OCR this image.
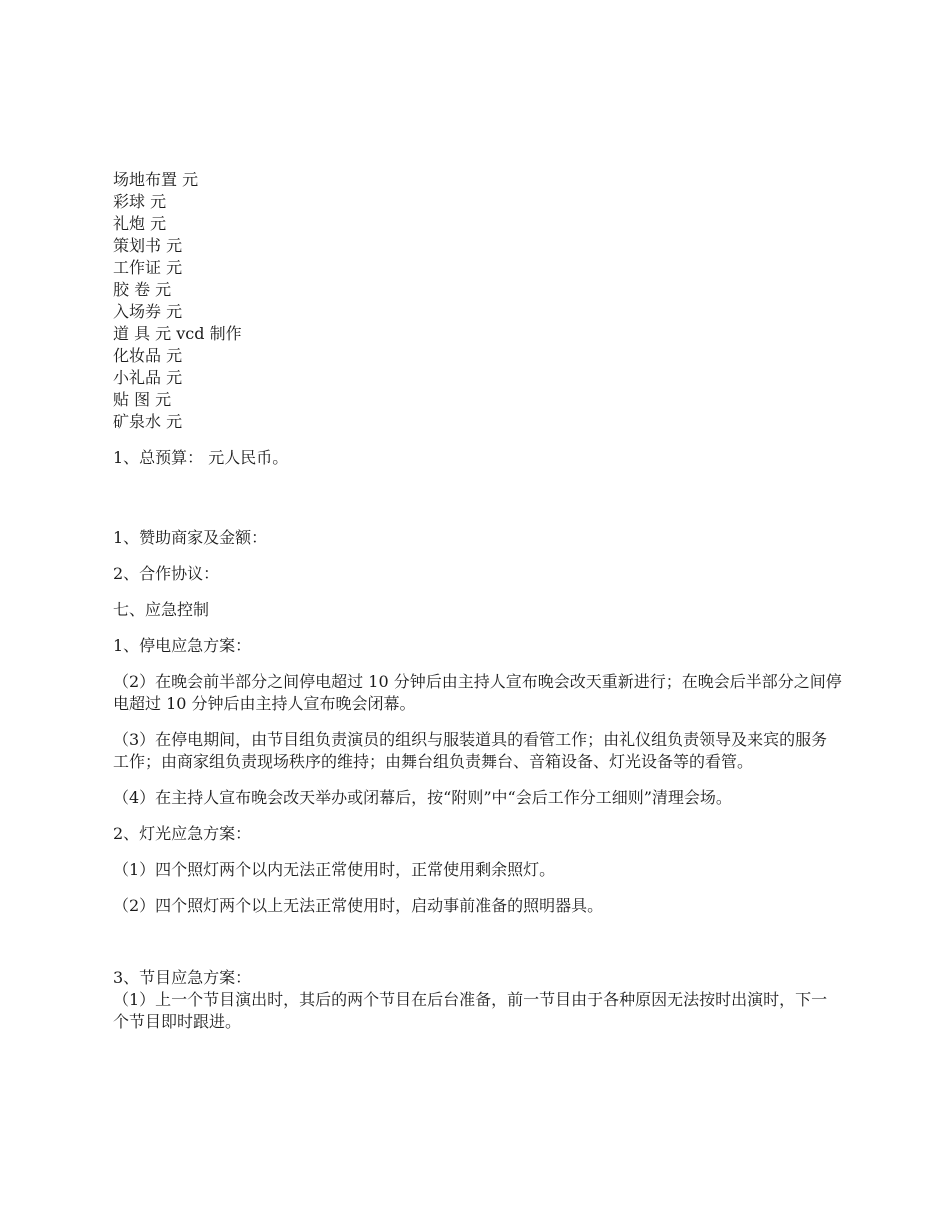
场地布置 元

彩球 元

礼炮 元

策划书 元

工作证 元

胶 卷 元

入场券 元

道 具 元 vcd 制作

化妆品 元

小礼品 元

贴 图 元

矿泉水 元

1、总预算： 元人民币。

1、赞助商家及金额：

2、合作协议：

七、应急控制

1、停电应急方案：

（2）在晚会前半部分之间停电超过 10 分钟后由主持人宣布晚会改天重新进行；在晚会后半部分之间停电超过 10 分钟后由主持人宣布晚会闭幕。

（3）在停电期间，由节目组负责演员的组织与服装道具的看管工作；由礼仪组负责领导及来宾的服务工作；由商家组负责现场秩序的维持；由舞台组负责舞台、音箱设备、灯光设备等的看管。

（4）在主持人宣布晚会改天举办或闭幕后，按“附则”中“会后工作分工细则”清理会场。

2、灯光应急方案：

（1）四个照灯两个以内无法正常使用时，正常使用剩余照灯。

（2）四个照灯两个以上无法正常使用时，启动事前准备的照明器具。

3、节目应急方案：

（1）上一个节目演出时，其后的两个节目在后台准备，前一节目由于各种原因无法按时出演时，下一个节目即时跟进。
